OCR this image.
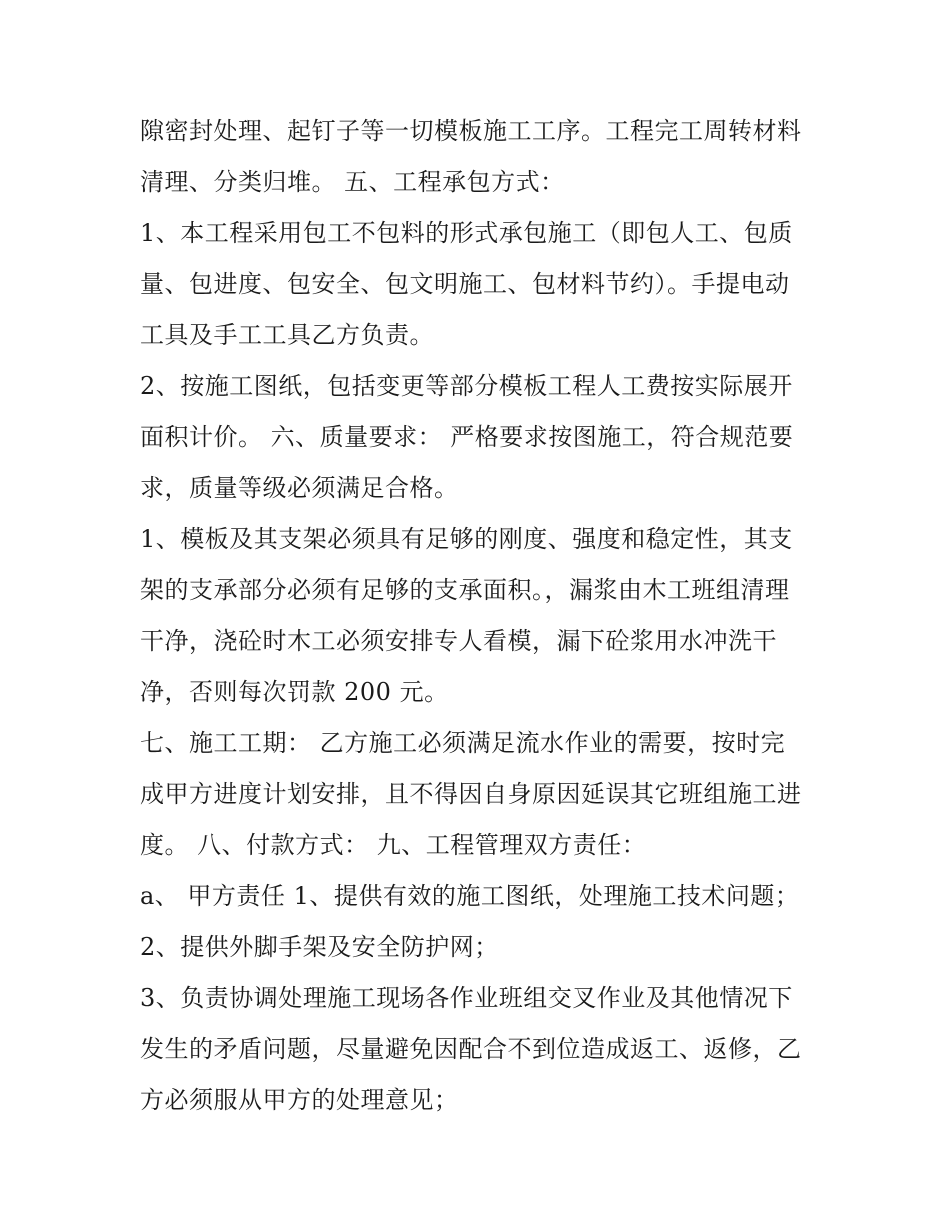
隙密封处理、起钉子等一切模板施工工序。工程完工周转材料
清理、分类归堆。 五、工程承包方式：
1、本工程采用包工不包料的形式承包施工（即包人工、包质
量、包进度、包安全、包文明施工、包材料节约）。手提电动
工具及手工工具乙方负责。
2、按施工图纸，包括变更等部分模板工程人工费按实际展开
面积计价。 六、质量要求： 严格要求按图施工，符合规范要
求，质量等级必须满足合格。
1、模板及其支架必须具有足够的刚度、强度和稳定性，其支
架的支承部分必须有足够的支承面积。，漏浆由木工班组清理
干净，浇砼时木工必须安排专人看模，漏下砼浆用水冲洗干
净，否则每次罚款 200 元。
七、施工工期： 乙方施工必须满足流水作业的需要，按时完
成甲方进度计划安排，且不得因自身原因延误其它班组施工进
度。 八、付款方式： 九、工程管理双方责任：
a、 甲方责任 1、提供有效的施工图纸，处理施工技术问题；
2、提供外脚手架及安全防护网；
3、负责协调处理施工现场各作业班组交叉作业及其他情况下
发生的矛盾问题，尽量避免因配合不到位造成返工、返修，乙
方必须服从甲方的处理意见；
